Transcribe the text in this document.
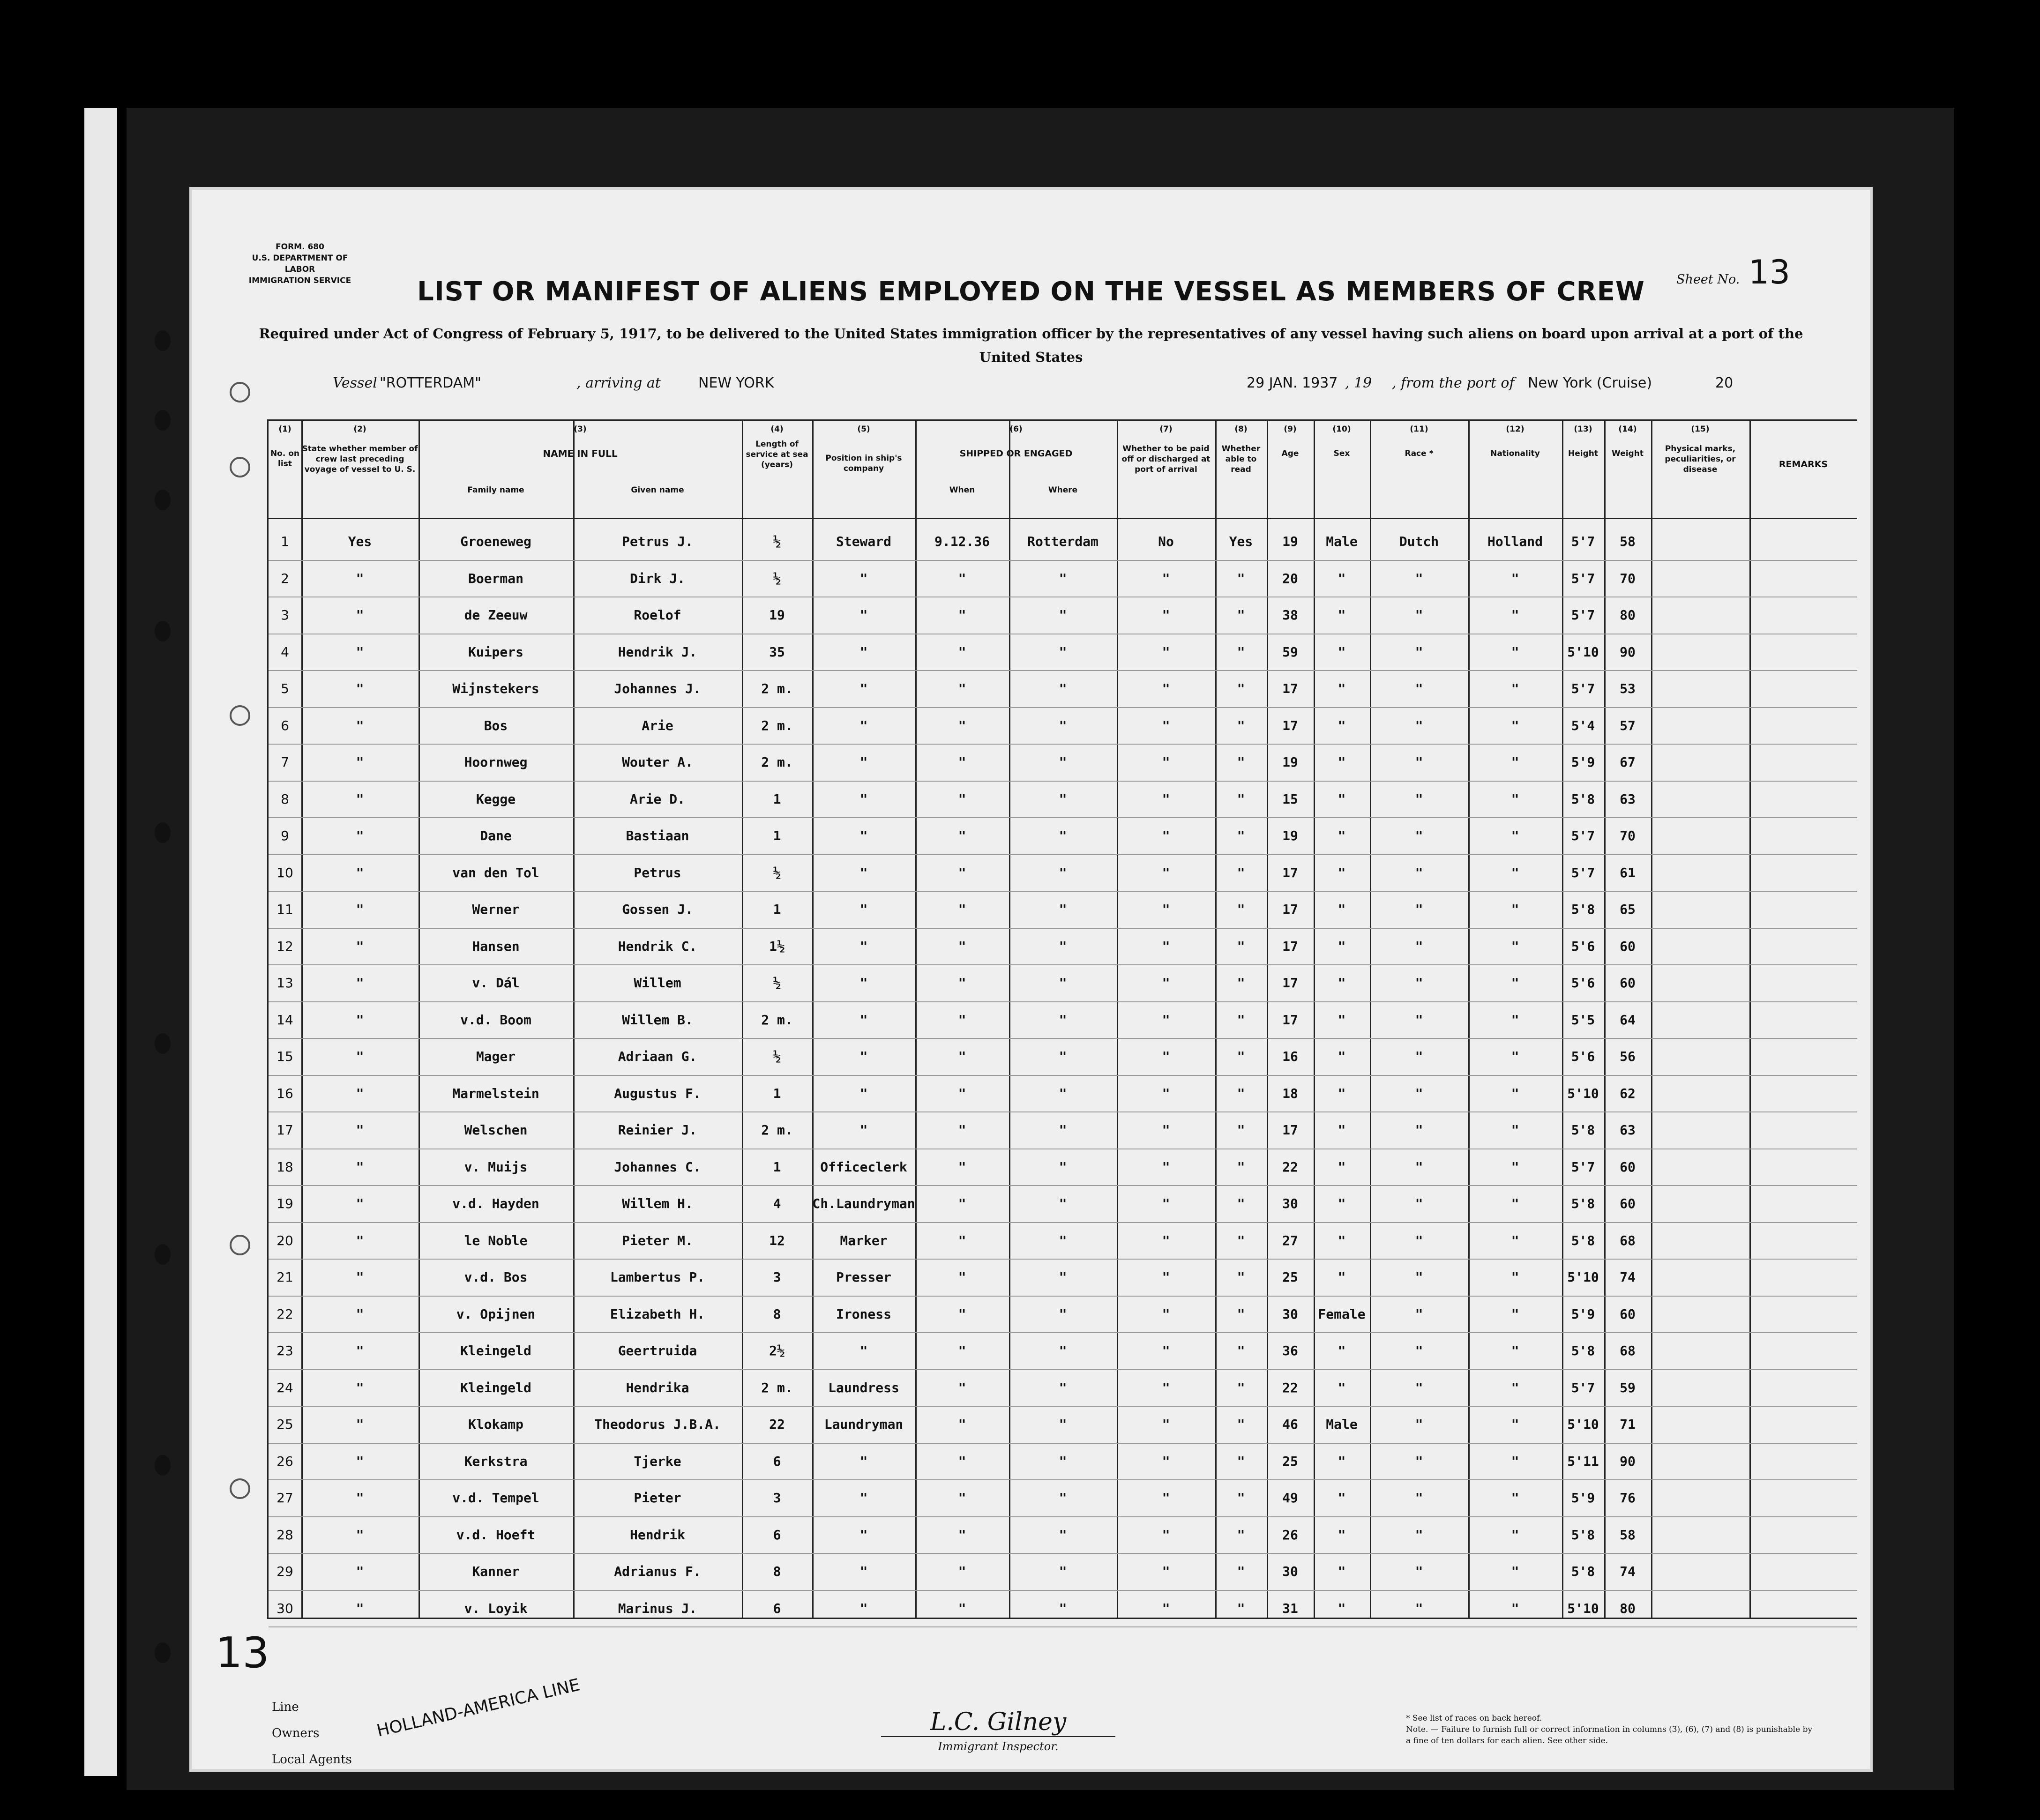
FORM. 680
U.S. DEPARTMENT OF LABOR
IMMIGRATION SERVICE	Sheet No. 13
LIST OR MANIFEST OF ALIENS EMPLOYED ON THE VESSEL AS MEMBERS OF CREW
Required under Act of Congress of February 5, 1917, to be delivered to the United States immigration officer by the representatives of any vessel having such aliens on board upon arrival at a port of the United States
Vessel "ROTTERDAM"	, arriving at	NEW YORK	29 JAN. 1937 , 19 , from the port of New York (Cruise)	20
(1)
No. on list
(2)
State whether member of crew last preceding voyage of vessel to U. S.
(3)
NAME IN FULL
Family name	Given name
(4)
Length of service at sea (years)
(5)
Position in ship's company
(6)
SHIPPED OR ENGAGED
When	Where
(7)
Whether to be paid off or discharged at port of arrival
(8)
Whether able to read
(9)
Age
(10)
Sex
(11)
Race *
(12)
Nationality
(13)
Height
(14)
Weight
(15)
Physical marks, peculiarities, or disease	REMARKS
1	Yes	Groeneweg	Petrus J.	½	Steward	9.12.36	Rotterdam	No	Yes	19	Male	Dutch	Holland	5'7	58
2	"	Boerman	Dirk J.	½	"	"	"	"	"	20	"	"	"	5'7	70
3	"	de Zeeuw	Roelof	19	"	"	"	"	"	38	"	"	"	5'7	80
4	"	Kuipers	Hendrik J.	35	"	"	"	"	"	59	"	"	"	5'10	90
5	"	Wijnstekers	Johannes J.	2 m.	"	"	"	"	"	17	"	"	"	5'7	53
6	"	Bos	Arie	2 m.	"	"	"	"	"	17	"	"	"	5'4	57
7	"	Hoornweg	Wouter A.	2 m.	"	"	"	"	"	19	"	"	"	5'9	67
8	"	Kegge	Arie D.	1	"	"	"	"	"	15	"	"	"	5'8	63
9	"	Dane	Bastiaan	1	"	"	"	"	"	19	"	"	"	5'7	70
10	"	van den Tol	Petrus	½	"	"	"	"	"	17	"	"	"	5'7	61
11	"	Werner	Gossen J.	1	"	"	"	"	"	17	"	"	"	5'8	65
12	"	Hansen	Hendrik C.	1½	"	"	"	"	"	17	"	"	"	5'6	60
13	"	v. Dál	Willem	½	"	"	"	"	"	17	"	"	"	5'6	60
14	"	v.d. Boom	Willem B.	2 m.	"	"	"	"	"	17	"	"	"	5'5	64
15	"	Mager	Adriaan G.	½	"	"	"	"	"	16	"	"	"	5'6	56
16	"	Marmelstein	Augustus F.	1	"	"	"	"	"	18	"	"	"	5'10	62
17	"	Welschen	Reinier J.	2 m.	"	"	"	"	"	17	"	"	"	5'8	63
18	"	v. Muijs	Johannes C.	1	Officeclerk	"	"	"	"	22	"	"	"	5'7	60
19	"	v.d. Hayden	Willem H.	4	Ch.Laundryman	"	"	"	"	30	"	"	"	5'8	60
20	"	le Noble	Pieter M.	12	Marker	"	"	"	"	27	"	"	"	5'8	68
21	"	v.d. Bos	Lambertus P.	3	Presser	"	"	"	"	25	"	"	"	5'10	74
22	"	v. Opijnen	Elizabeth H.	8	Ironess	"	"	"	"	30	Female	"	"	5'9	60
23	"	Kleingeld	Geertruida	2½	"	"	"	"	"	36	"	"	"	5'8	68
24	"	Kleingeld	Hendrika	2 m.	Laundress	"	"	"	"	22	"	"	"	5'7	59
25	"	Klokamp	Theodorus J.B.A.	22	Laundryman	"	"	"	"	46	Male	"	"	5'10	71
26	"	Kerkstra	Tjerke	6	"	"	"	"	"	25	"	"	"	5'11	90
27	"	v.d. Tempel	Pieter	3	"	"	"	"	"	49	"	"	"	5'9	76
28	"	v.d. Hoeft	Hendrik	6	"	"	"	"	"	26	"	"	"	5'8	58
29	"	Kanner	Adrianus F.	8	"	"	"	"	"	30	"	"	"	5'8	74
30	"	v. Loyik	Marinus J.	6	"	"	"	"	"	31	"	"	"	5'10	80
Line
Owners
Local Agents
HOLLAND-AMERICA LINE	L.C. Gilney
Immigrant Inspector.
* See list of races on back hereof.
Note. — Failure to furnish full or correct information in columns (3), (6), (7) and (8) is punishable by a fine of ten dollars for each alien. See other side.
13
